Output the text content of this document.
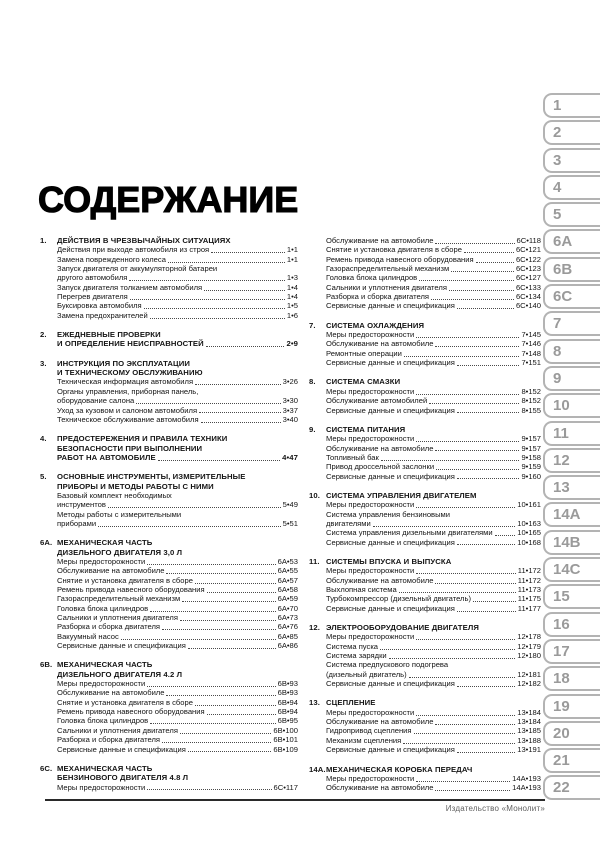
СОДЕРЖАНИЕ
1.	ДЕЙСТВИЯ В ЧРЕЗВЫЧАЙНЫХ СИТУАЦИЯХ
Действия при выходе автомобиля из строя	1•1
Замена поврежденного колеса	1•1
Запуск двигателя от аккумуляторной батареи
другого автомобиля	1•3
Запуск двигателя толканием автомобиля	1•4
Перегрев двигателя	1•4
Буксировка автомобиля	1•5
Замена предохранителей	1•6
2.	ЕЖЕДНЕВНЫЕ ПРОВЕРКИ
И ОПРЕДЕЛЕНИЕ НЕИСПРАВНОСТЕЙ	2•9
3.	ИНСТРУКЦИЯ ПО ЭКСПЛУАТАЦИИ
И ТЕХНИЧЕСКОМУ ОБСЛУЖИВАНИЮ
Техническая информация автомобиля	3•26
Органы управления, приборная панель,
оборудование салона	3•30
Уход за кузовом и салоном автомобиля	3•37
Техническое обслуживание автомобиля	3•40
4.	ПРЕДОСТЕРЕЖЕНИЯ И ПРАВИЛА ТЕХНИКИ
БЕЗОПАСНОСТИ ПРИ ВЫПОЛНЕНИИ
РАБОТ НА АВТОМОБИЛЕ	4•47
5.	ОСНОВНЫЕ ИНСТРУМЕНТЫ, ИЗМЕРИТЕЛЬНЫЕ
ПРИБОРЫ И МЕТОДЫ РАБОТЫ С НИМИ
Базовый комплект необходимых
инструментов	5•49
Методы работы с измерительными
приборами	5•51
6A. МЕХАНИЧЕСКАЯ ЧАСТЬ
ДИЗЕЛЬНОГО ДВИГАТЕЛЯ 3,0 Л
Меры предосторожности	6A•53
Обслуживание на автомобиле	6A•55
Снятие и установка двигателя в сборе	6A•57
Ремень привода навесного оборудования	6A•58
Газораспределительный механизм	6A•59
Головка блока цилиндров	6A•70
Сальники и уплотнения двигателя	6A•73
Разборка и сборка двигателя	6A•76
Вакуумный насос	6A•85
Сервисные данные и спецификация	6A•86
6B. МЕХАНИЧЕСКАЯ ЧАСТЬ
ДИЗЕЛЬНОГО ДВИГАТЕЛЯ 4.2 Л
Меры предосторожности	6B•93
Обслуживание на автомобиле	6B•93
Снятие и установка двигателя в сборе	6B•94
Ремень привода навесного оборудования	6B•94
Головка блока цилиндров	6B•95
Сальники и уплотнения двигателя	6B•100
Разборка и сборка двигателя	6B•101
Сервисные данные и спецификация	6B•109
6C. МЕХАНИЧЕСКАЯ ЧАСТЬ
БЕНЗИНОВОГО ДВИГАТЕЛЯ 4.8 Л
Меры предосторожности	6C•117
Обслуживание на автомобиле	6C•118
Снятие и установка двигателя в сборе	6C•121
Ремень привода навесного оборудования	6C•122
Газораспределительный механизм	6C•123
Головка блока цилиндров	6C•127
Сальники и уплотнения двигателя	6C•133
Разборка и сборка двигателя	6C•134
Сервисные данные и спецификация	6C•140
7.	СИСТЕМА ОХЛАЖДЕНИЯ
Меры предосторожности	7•145
Обслуживание на автомобиле	7•146
Ремонтные операции	7•148
Сервисные данные и спецификация	7•151
8.	СИСТЕМА СМАЗКИ
Меры предосторожности	8•152
Обслуживание автомобилей	8•152
Сервисные данные и спецификация	8•155
9.	СИСТЕМА ПИТАНИЯ
Меры предосторожности	9•157
Обслуживание на автомобиле	9•157
Топливный бак	9•158
Привод дроссельной заслонки	9•159
Сервисные данные и спецификация	9•160
10. СИСТЕМА УПРАВЛЕНИЯ ДВИГАТЕЛЕМ
Меры предосторожности	10•161
Система управления бензиновыми
двигателями	10•163
Система управления дизельными двигателями	10•165
Сервисные данные и спецификация	10•168
11. СИСТЕМЫ ВПУСКА И ВЫПУСКА
Меры предосторожности	11•172
Обслуживание на автомобиле	11•172
Выхлопная система	11•173
Турбокомпрессор (дизельный двигатель)	11•175
Сервисные данные и спецификация	11•177
12. ЭЛЕКТРООБОРУДОВАНИЕ ДВИГАТЕЛЯ
Меры предосторожности	12•178
Система пуска	12•179
Система зарядки	12•180
Система предпускового подогрева
(дизельный двигатель)	12•181
Сервисные данные и спецификация	12•182
13. СЦЕПЛЕНИЕ
Меры предосторожности	13•184
Обслуживание на автомобиле	13•184
Гидропривод сцепления	13•185
Механизм сцепления	13•188
Сервисные данные и спецификация	13•191
14A. МЕХАНИЧЕСКАЯ КОРОБКА ПЕРЕДАЧ
Меры предосторожности	14A•193
Обслуживание на автомобиле	14A•193
1
2
3
4
5
6A
6B
6C
7
8
9
10
11
12
13
14A
14B
14C
15
16
17
18
19
20
21
22
Издательство «Монолит»
